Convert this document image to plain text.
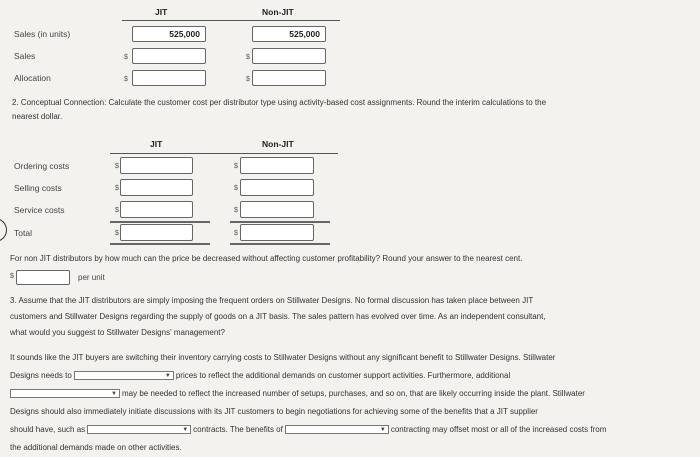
JIT	Non-JIT
Sales (in units)	525,000	525,000
Sales	$	$
Allocation	$	$
2. Conceptual Connection: Calculate the customer cost per distributor type using activity-based cost assignments. Round the interim calculations to the
nearest dollar.
JIT	Non-JIT
Ordering costs	$	$
Selling costs	$	$
Service costs	$	$
Total	$	$
For non JIT distributors by how much can the price be decreased without affecting customer profitability? Round your answer to the nearest cent.
$	per unit
3. Assume that the JIT distributors are simply imposing the frequent orders on Stillwater Designs. No formal discussion has taken place between JIT
customers and Stillwater Designs regarding the supply of goods on a JIT basis. The sales pattern has evolved over time. As an independent consultant,
what would you suggest to Stillwater Designs' management?
It sounds like the JIT buyers are switching their inventory carrying costs to Stillwater Designs without any significant benefit to Stillwater Designs. Stillwater
Designs needs to	▼ prices to reflect the additional demands on customer support activities. Furthermore, additional
▼ may be needed to reflect the increased number of setups, purchases, and so on, that are likely occurring inside the plant. Stillwater
Designs should also immediately initiate discussions with its JIT customers to begin negotiations for achieving some of the benefits that a JIT supplier
should have, such as	▼ contracts. The benefits of	▼ contracting may offset most or all of the increased costs from
the additional demands made on other activities.
